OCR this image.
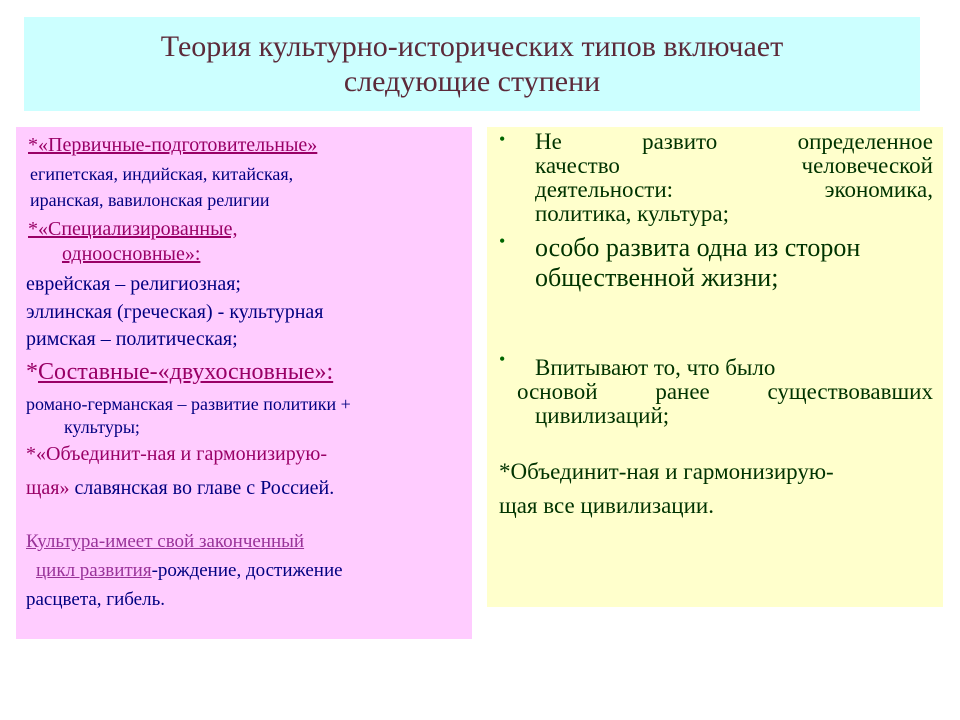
Теория культурно-исторических типов включает
следующие ступени
*«Первичные-подготовительные»
египетская, индийская, китайская,
иранская, вавилонская религии
*«Специализированные,
одноосновные»:
еврейская – религиозная;
эллинская (греческая) - культурная
римская – политическая;
*Составные-«двухосновные»:
романо-германская – развитие политики +
культуры;
*«Объединит-ная и гармонизирую-
щая» славянская во главе с Россией.
Культура-имеет свой законченный
цикл развития-рождение, достижение
расцвета, гибель.
• Не развито определенное
качество человеческой
деятельности: экономика,
политика, культура;
• особо развита одна из сторон
общественной жизни;
• Впитывают то, что было
основой ранее существовавших
цивилизаций;
*Объединит-ная и гармонизирую-
щая все цивилизации.
